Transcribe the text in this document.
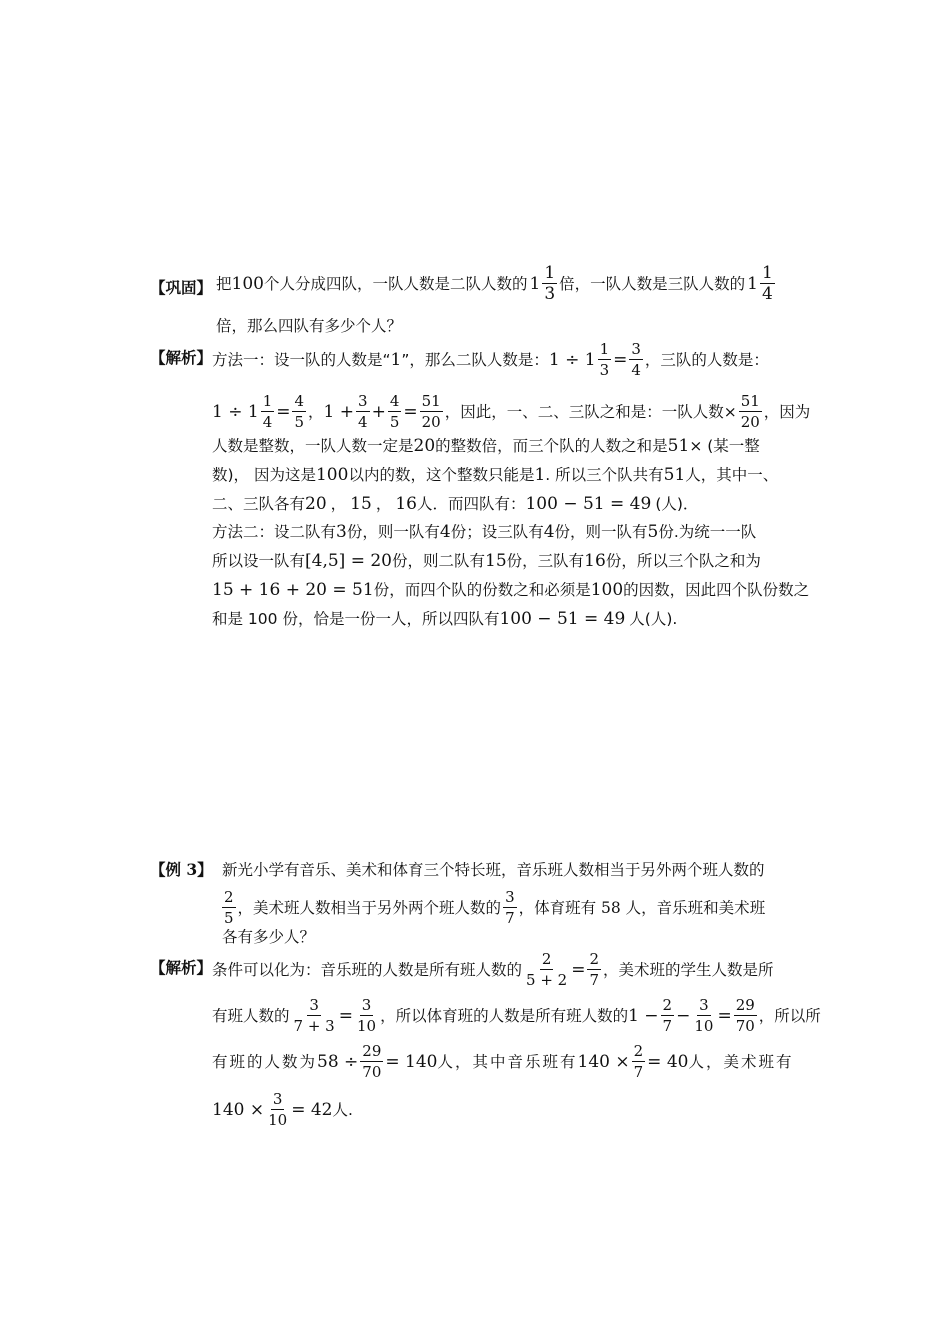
【巩固】 把 100 个人分成四队，一队人数是二队人数的 $1 \frac{1}{3}$ 倍，一队人数是三队人数的 $1 \frac{1}{4}$
倍，那么四队有多少个人？
【解析】 方法一：设一队的人数是“ 1 ”，那么二队人数是： $1 \div 1 \frac{1}{3} = \frac{3}{4}$ ，三队的人数是：
$1 \div 1 \frac{1}{4} = \frac{4}{5}$ ， $1 + \frac{3}{4} + \frac{4}{5} = \frac{51}{20}$ ，因此，一、二、三队之和是：一队人数× $\frac{51}{20}$ ，因为
人数是整数，一队人数一定是 20 的整数倍，而三个队的人数之和是 51 × (某一整
数)， 因为这是 100 以内的数，这个整数只能是 1 . 所以三个队共有 51 人，其中一、
二、三队各有 20 ， 15 ， 16 人．而四队有： 100 − 51 = 49 (人)．
方法二：设二队有 3 份，则一队有 4 份；设三队有 4 份，则一队有 5 份.为统一一队
所以设一队有 [4,5] = 20 份，则二队有 15 份，三队有 16 份，所以三个队之和为
15 + 16 + 20 = 51 份，而四个队的份数之和必须是 100 的因数，因此四个队份数之
和是 100 份，恰是一份一人，所以四队有 100 − 51 = 49 人(人).
【例 3】 新光小学有音乐、美术和体育三个特长班，音乐班人数相当于另外两个班人数的
$\frac{2}{5}$ ，美术班人数相当于另外两个班人数的 $\frac{3}{7}$ ，体育班有 58 人，音乐班和美术班
各有多少人？
【解析】 条件可以化为：音乐班的人数是所有班人数的 $\frac{2}{5 + 2} = \frac{2}{7}$ ，美术班的学生人数是所
有班人数的 $\frac{3}{7 + 3} = \frac{3}{10}$ ，所以体育班的人数是所有班人数的 $1 - \frac{2}{7} - \frac{3}{10} = \frac{29}{70}$ ，所以所
有班的人数为 $58 \div \frac{29}{70} = 140$ 人，其中音乐班有 $140 \times \frac{2}{7} = 40$ 人，美术班有
$140 \times \frac{3}{10} = 42$ 人.
